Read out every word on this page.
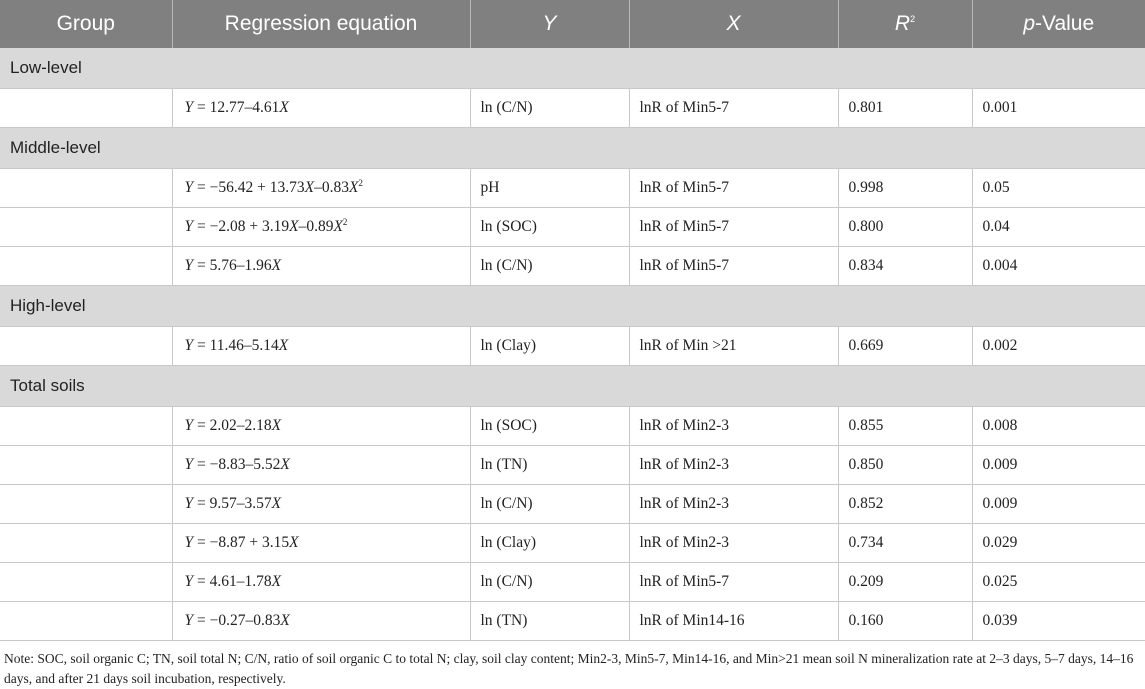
Group	Regression equation	Y	X	$R^2$	p-Value
Low-level					
	Y = 12.77–4.61X	ln (C/N)	lnR of Min5-7	0.801	0.001
Middle-level					
	$Y = -56.42 + 13.73X-0.83X^2$	pH	lnR of Min5-7	0.998	0.05
	$Y = -2.08 + 3.19X-0.89X^2$	ln (SOC)	lnR of Min5-7	0.800	0.04
	Y = 5.76–1.96X	ln (C/N)	lnR of Min5-7	0.834	0.004
High-level					
	Y = 11.46–5.14X	ln (Clay)	lnR of Min >21	0.669	0.002
Total soils					
	Y = 2.02–2.18X	ln (SOC)	lnR of Min2-3	0.855	0.008
	Y = −8.83–5.52X	ln (TN)	lnR of Min2-3	0.850	0.009
	Y = 9.57–3.57X	ln (C/N)	lnR of Min2-3	0.852	0.009
	Y = −8.87 + 3.15X	ln (Clay)	lnR of Min2-3	0.734	0.029
	Y = 4.61–1.78X	ln (C/N)	lnR of Min5-7	0.209	0.025
	Y = −0.27–0.83X	ln (TN)	lnR of Min14-16	0.160	0.039
Note: SOC, soil organic C; TN, soil total N; C/N, ratio of soil organic C to total N; clay, soil clay content; Min2-3, Min5-7, Min14-16, and Min>21 mean soil N mineralization rate at 2–3 days, 5–7 days, 14–16 days, and after 21 days soil incubation, respectively.
